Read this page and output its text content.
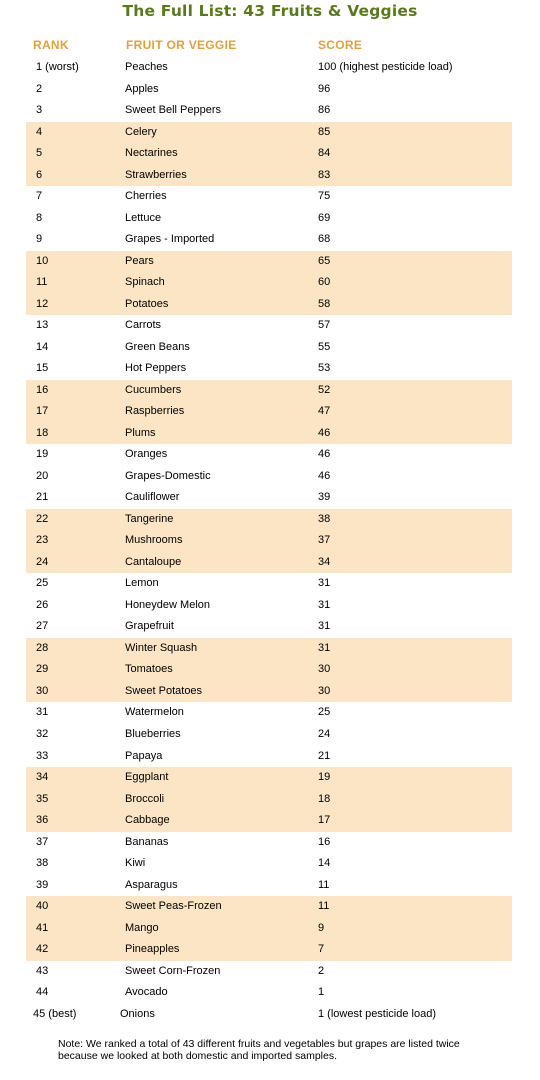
The Full List: 43 Fruits & Veggies
RANK	FRUIT OR VEGGIE	SCORE
1 (worst)	Peaches	100 (highest pesticide load)
2	Apples	96
3	Sweet Bell Peppers	86
4	Celery	85
5	Nectarines	84
6	Strawberries	83
7	Cherries	75
8	Lettuce	69
9	Grapes - Imported	68
10	Pears	65
11	Spinach	60
12	Potatoes	58
13	Carrots	57
14	Green Beans	55
15	Hot Peppers	53
16	Cucumbers	52
17	Raspberries	47
18	Plums	46
19	Oranges	46
20	Grapes-Domestic	46
21	Cauliflower	39
22	Tangerine	38
23	Mushrooms	37
24	Cantaloupe	34
25	Lemon	31
26	Honeydew Melon	31
27	Grapefruit	31
28	Winter Squash	31
29	Tomatoes	30
30	Sweet Potatoes	30
31	Watermelon	25
32	Blueberries	24
33	Papaya	21
34	Eggplant	19
35	Broccoli	18
36	Cabbage	17
37	Bananas	16
38	Kiwi	14
39	Asparagus	11
40	Sweet Peas-Frozen	11
41	Mango	9
42	Pineapples	7
43	Sweet Corn-Frozen	2
44	Avocado	1
45 (best)	Onions	1 (lowest pesticide load)
Note: We ranked a total of 43 different fruits and vegetables but grapes are listed twice because we looked at both domestic and imported samples.
